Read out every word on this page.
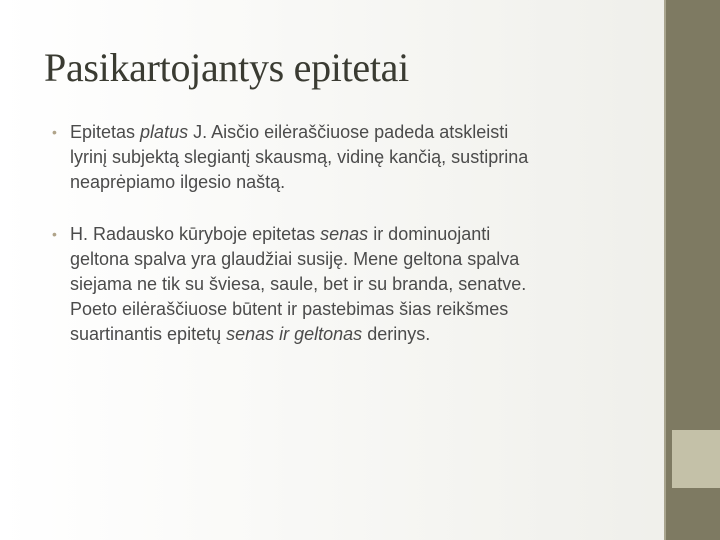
Pasikartojantys epitetai
• Epitetas platus J. Aisčio eilėraščiuose padeda atskleisti
lyrinį subjektą slegiantį skausmą, vidinę kančią, sustiprina
neaprėpiamo ilgesio naštą.
• H. Radausko kūryboje epitetas senas ir dominuojanti
geltona spalva yra glaudžiai susiję. Mene geltona spalva
siejama ne tik su šviesa, saule, bet ir su branda, senatve.
Poeto eilėraščiuose būtent ir pastebimas šias reikšmes
suartinantis epitetų senas ir geltonas derinys.
